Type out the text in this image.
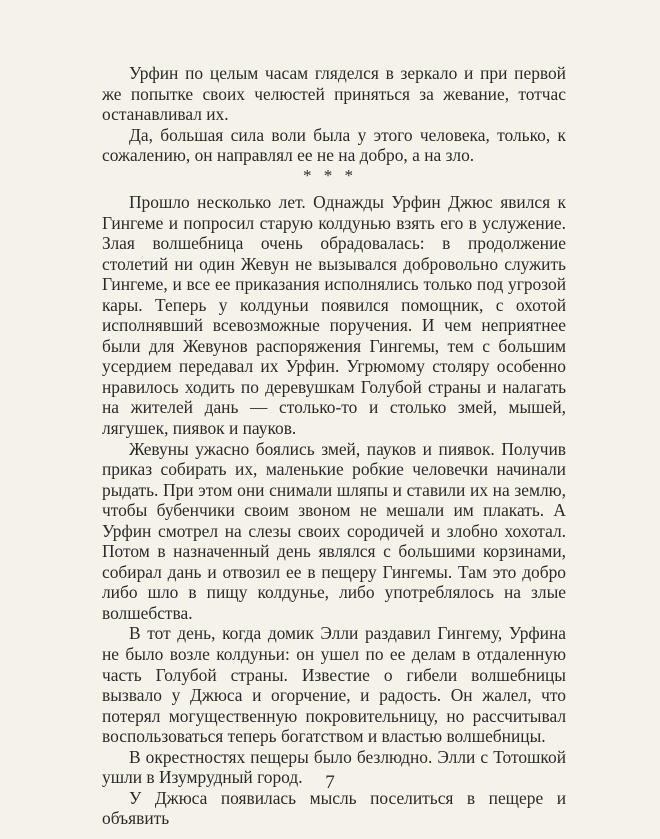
Урфин по целым часам гляделся в зеркало и при первой же попытке своих челюстей приняться за жевание, тотчас останавливал их.

Да, большая сила воли была у этого человека, только, к сожалению, он направлял ее не на добро, а на зло.

* * *

Прошло несколько лет. Однажды Урфин Джюс явился к Гингеме и попросил старую колдунью взять его в услужение. Злая волшебница очень обрадовалась: в продолжение столетий ни один Жевун не вызывался добровольно служить Гингеме, и все ее приказания исполнялись только под угрозой кары. Теперь у колдуньи появился помощник, с охотой исполнявший всевозможные поручения. И чем неприятнее были для Жевунов распоряжения Гингемы, тем с большим усердием передавал их Урфин. Угрюмому столяру особенно нравилось ходить по деревушкам Голубой страны и налагать на жителей дань — столько-то и столько змей, мышей, лягушек, пиявок и пауков.

Жевуны ужасно боялись змей, пауков и пиявок. Получив приказ собирать их, маленькие робкие человечки начинали рыдать. При этом они снимали шляпы и ставили их на землю, чтобы бубенчики своим звоном не мешали им плакать. А Урфин смотрел на слезы своих сородичей и злобно хохотал. Потом в назначенный день являлся с большими корзинами, собирал дань и отвозил ее в пещеру Гингемы. Там это добро либо шло в пищу колдунье, либо употреблялось на злые волшебства.

В тот день, когда домик Элли раздавил Гингему, Урфина не было возле колдуньи: он ушел по ее делам в отдаленную часть Голубой страны. Известие о гибели волшебницы вызвало у Джюса и огорчение, и радость. Он жалел, что потерял могущественную покровительницу, но рассчитывал воспользоваться теперь богатством и властью волшебницы.

В окрестностях пещеры было безлюдно. Элли с Тотошкой ушли в Изумрудный город.

У Джюса появилась мысль поселиться в пещере и объявить

7
